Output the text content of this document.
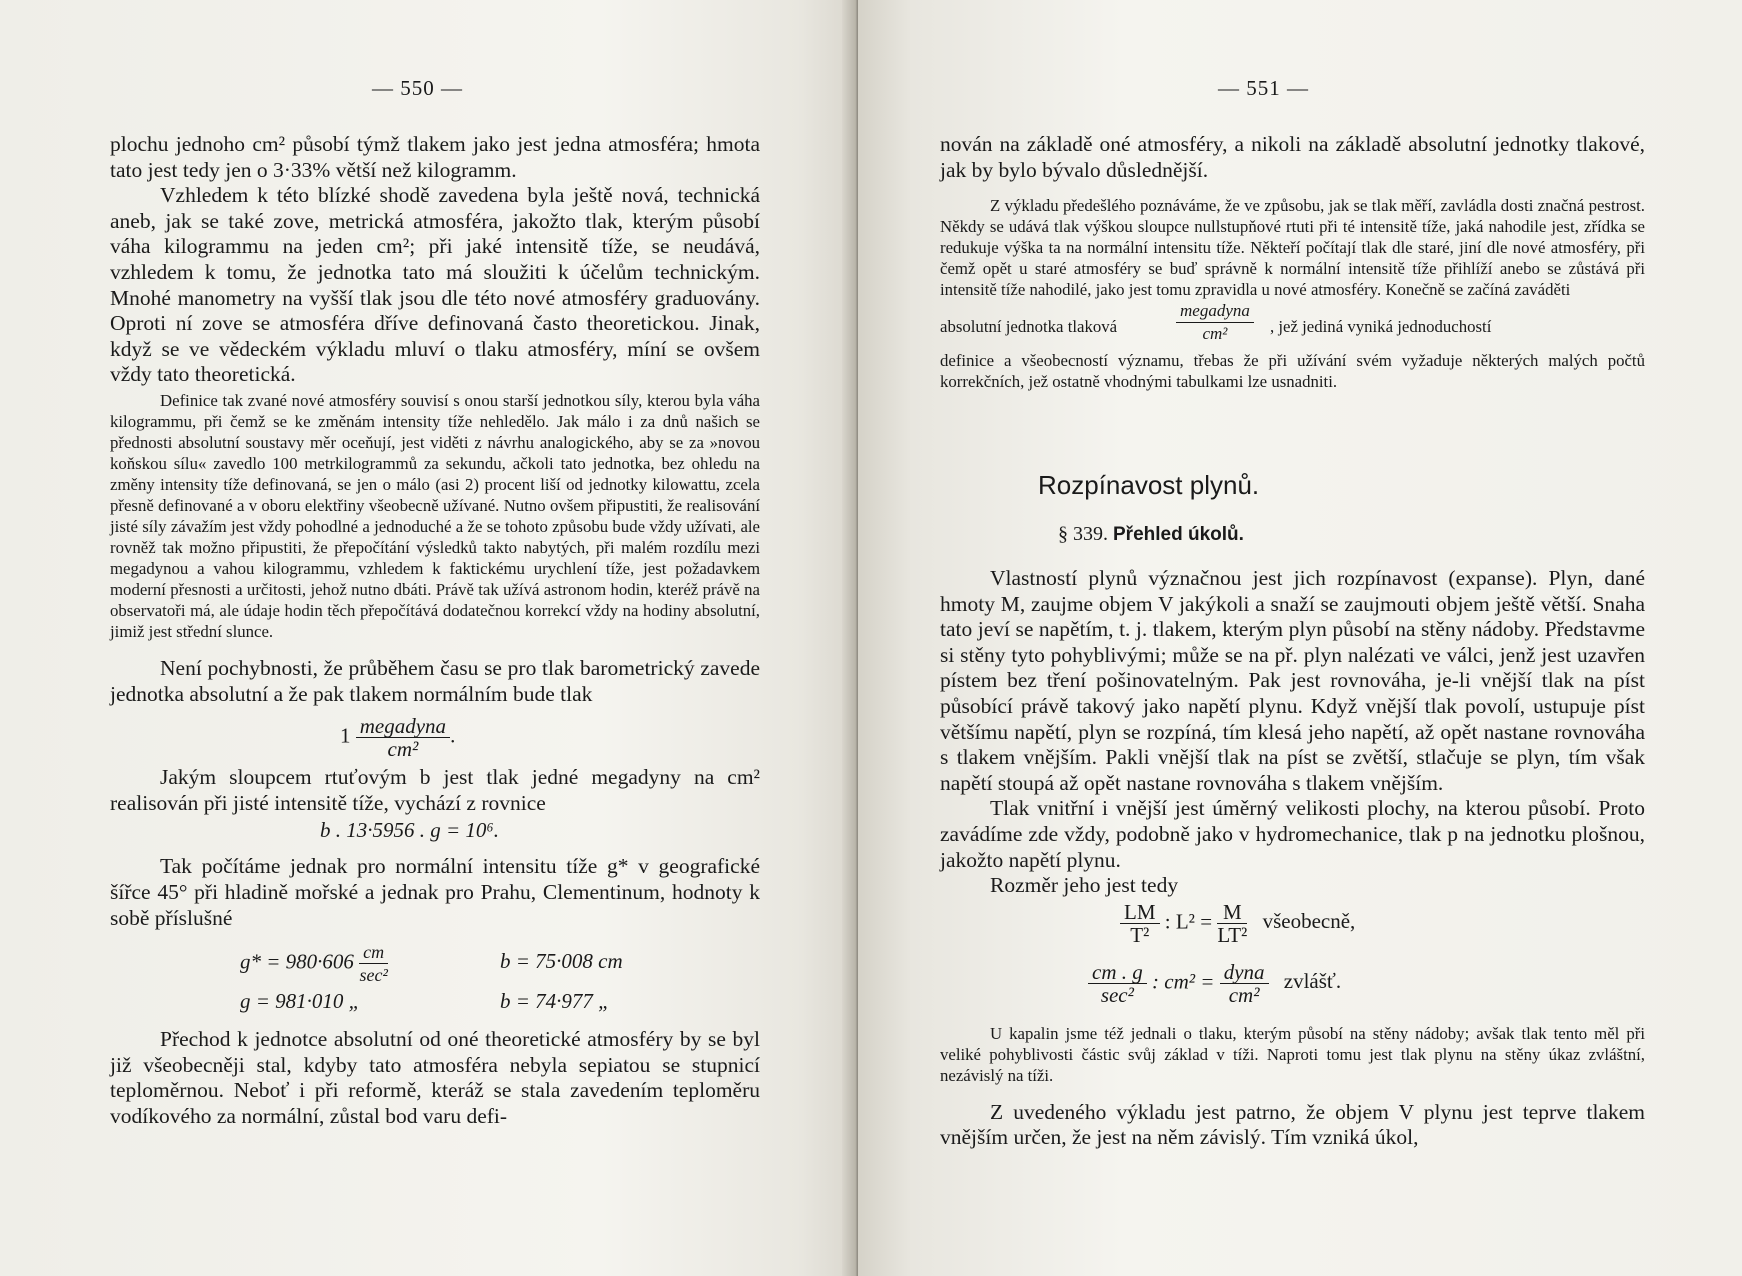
— 550 —

plochu jednoho cm² působí týmž tlakem jako jest jedna atmosféra; hmota tato jest tedy jen o 3·33% větší než kilogramm.

Vzhledem k této blízké shodě zavedena byla ještě nová, technická aneb, jak se také zove, metrická atmosféra, jakožto tlak, kterým působí váha kilogrammu na jeden cm²; při jaké intensitě tíže, se neudává, vzhledem k tomu, že jednotka tato má sloužiti k účelům technickým. Mnohé manometry na vyšší tlak jsou dle této nové atmosféry graduovány. Oproti ní zove se atmosféra dříve definovaná často theoretickou. Jinak, když se ve vědeckém výkladu mluví o tlaku atmosféry, míní se ovšem vždy tato theoretická.

Definice tak zvané nové atmosféry souvisí s onou starší jednotkou síly, kterou byla váha kilogrammu, při čemž se ke změnám intensity tíže nehledělo. Jak málo i za dnů našich se přednosti absolutní soustavy měr oceňují, jest viděti z návrhu analogického, aby se za »novou koňskou sílu« zavedlo 100 metrkilogrammů za sekundu, ačkoli tato jednotka, bez ohledu na změny intensity tíže definovaná, se jen o málo (asi 2) procent liší od jednotky kilowattu, zcela přesně definované a v oboru elektřiny všeobecně užívané. Nutno ovšem připustiti, že realisování jisté síly závažím jest vždy pohodlné a jednoduché a že se tohoto způsobu bude vždy užívati, ale rovněž tak možno připustiti, že přepočítání výsledků takto nabytých, při malém rozdílu mezi megadynou a vahou kilogrammu, vzhledem k faktickému urychlení tíže, jest požadavkem moderní přesnosti a určitosti, jehož nutno dbáti. Právě tak užívá astronom hodin, kteréž právě na observatoři má, ale údaje hodin těch přepočítává dodatečnou korrekcí vždy na hodiny absolutní, jimiž jest střední slunce.

Není pochybnosti, že průběhem času se pro tlak barometrický zavede jednotka absolutní a že pak tlakem normálním bude tlak

$1 \frac{\text{megadyna}}{\text{cm²}}$ .

Jakým sloupcem rtuťovým b jest tlak jedné megadyny na cm² realisován při jisté intensitě tíže, vychází z rovnice

b . 13·5956 . g = 10⁶.

Tak počítáme jednak pro normální intensitu tíže g* v geografické šířce 45° při hladině mořské a jednak pro Prahu, Clementinum, hodnoty k sobě příslušné

$g* = 980\cdot 606 \frac{cm}{\text{sec²}}$	b = 75·008 cm
g = 981·010 „	b = 74·977 „

Přechod k jednotce absolutní od oné theoretické atmosféry by se byl již všeobecněji stal, kdyby tato atmosféra nebyla sepiatou se stupnicí teploměrnou. Neboť i při reformě, kteráž se stala zavedením teploměru vodíkového za normální, zůstal bod varu defi-

— 551 —

nován na základě oné atmosféry, a nikoli na základě absolutní jednotky tlakové, jak by bylo bývalo důslednější.

Z výkladu předešlého poznáváme, že ve způsobu, jak se tlak měří, zavládla dosti značná pestrost. Někdy se udává tlak výškou sloupce nullstupňové rtuti při té intensitě tíže, jaká nahodile jest, zřídka se redukuje výška ta na normální intensitu tíže. Někteří počítají tlak dle staré, jiní dle nové atmosféry, při čemž opět u staré atmosféry se buď správně k normální intensitě tíže přihlíží anebo se zůstává při intensitě tíže nahodilé, jako jest tomu zpravidla u nové atmosféry. Konečně se začíná zaváděti

absolutní jednotka tlaková	$\frac{\text{megadyna}}{\text{cm²}}$ , jež jediná vyniká jednoduchostí

definice a všeobecností významu, třebas že při užívání svém vyžaduje některých malých počtů korrekčních, jež ostatně vhodnými tabulkami lze usnadniti.

Rozpínavost plynů.
§ 339. Přehled úkolů.

Vlastností plynů význačnou jest jich rozpínavost (expanse). Plyn, dané hmoty M, zaujme objem V jakýkoli a snaží se zaujmouti objem ještě větší. Snaha tato jeví se napětím, t. j. tlakem, kterým plyn působí na stěny nádoby. Představme si stěny tyto pohyblivými; může se na př. plyn nalézati ve válci, jenž jest uzavřen pístem bez tření pošinovatelným. Pak jest rovnováha, je-li vnější tlak na píst působící právě takový jako napětí plynu. Když vnější tlak povolí, ustupuje píst většímu napětí, plyn se rozpíná, tím klesá jeho napětí, až opět nastane rovnováha s tlakem vnějším. Pakli vnější tlak na píst se zvětší, stlačuje se plyn, tím však napětí stoupá až opět nastane rovnováha s tlakem vnějším.

Tlak vnitřní i vnější jest úměrný velikosti plochy, na kterou působí. Proto zavádíme zde vždy, podobně jako v hydromechanice, tlak p na jednotku plošnou, jakožto napětí plynu.

Rozměr jeho jest tedy

$\frac{LM}{\text{T²}}$ : $L^2 = \frac{M}{\text{LT²}}$ všeobecně,
$\frac{cm . g}{\text{sec²}}$ : $cm^2 = \frac{\text{dyna}}{\text{cm²}}$ zvlášť.

U kapalin jsme též jednali o tlaku, kterým působí na stěny nádoby; avšak tlak tento měl při veliké pohyblivosti částic svůj základ v tíži. Naproti tomu jest tlak plynu na stěny úkaz zvláštní, nezávislý na tíži.

Z uvedeného výkladu jest patrno, že objem V plynu jest teprve tlakem vnějším určen, že jest na něm závislý. Tím vzniká úkol,
